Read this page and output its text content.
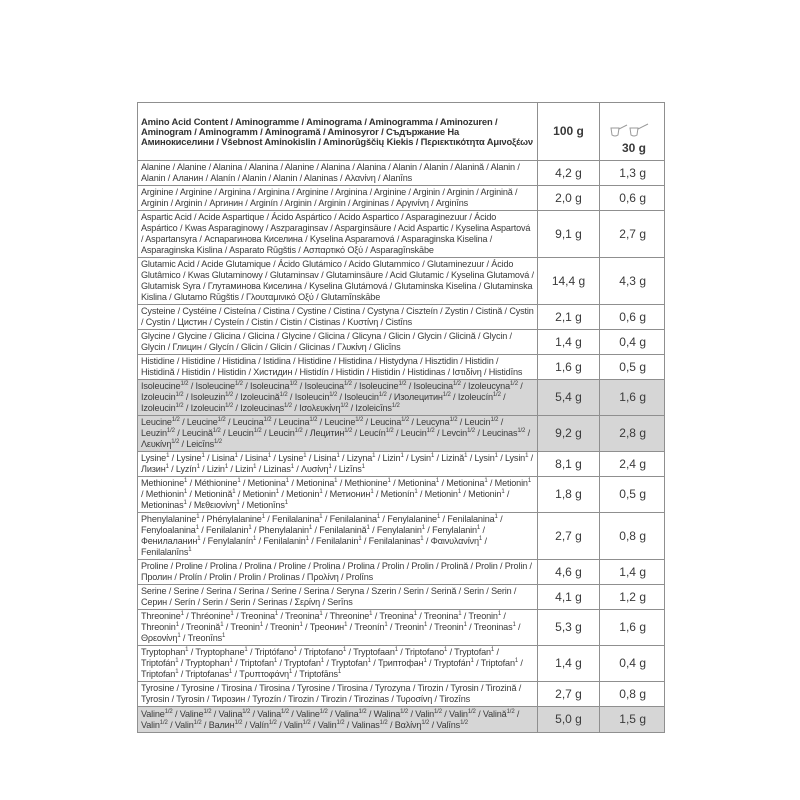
Amino Acid Content / Aminogramme / Aminograma / Aminogramma / Aminozuren / Aminogram / Aminogramm / Aminogramă / Aminosyror / Съдържание На Аминокиселини / Všebnost Aminokislin / Aminorūgščių Kiekis / Περιεκτικότητα Αμινοξέων	100 g	30 g
Alanine / Alanine / Alanina / Alanina / Alanine / Alanina / Alanina / Alanin / Alanin / Alanină / Alanin / Alanin / Аланин / Alanín / Alanin / Alanin / Alaninas / Αλανίνη / Alanīns	4,2 g	1,3 g
Arginine / Arginine / Arginina / Arginina / Arginine / Arginina / Arginine / Arginin / Arginin / Arginină / Arginin / Arginin / Аргинин / Arginín / Arginin / Arginin / Argininas / Αργινίνη / Arginīns	2,0 g	0,6 g
Aspartic Acid / Acide Aspartique / Ácido Aspártico / Acido Aspartico / Asparaginezuur / Ácido Aspártico / Kwas Asparaginowy / Aszparaginsav / Asparginsäure / Acid Aspartic / Kyselina Aspartová / Aspartansyra / Аспарагинова Киселина / Kyselina Asparamová / Asparaginska Kiselina / Asparaginska Kislina / Asparato Rūgštis / Ασπαρτικό Οξύ / Asparagīnskābe	9,1 g	2,7 g
Glutamic Acid / Acide Glutamique / Ácido Glutámico / Acido Glutammico / Glutaminezuur / Ácido Glutâmico / Kwas Glutaminowy / Glutaminsav / Glutaminsäure / Acid Glutamic / Kyselina Glutamová / Glutamisk Syra / Глутаминова Киселина / Kyselina Glutámová / Glutaminska Kiselina / Glutaminska Kislina / Glutamo Rūgštis / Γλουταμινικό Οξύ / Glutamīnskābe	14,4 g	4,3 g
Cysteine / Cystéine / Cisteína / Cistina / Cystine / Cistina / Cystyna / Ciszteín / Zystin / Cistină / Cystin / Cystin / Цистин / Cysteín / Cistin / Cistin / Cistinas / Κυστίνη / Cistīns	2,1 g	0,6 g
Glycine / Glycine / Glicina / Glicina / Glycine / Glicina / Glicyna / Glicin / Glycin / Glicină / Glycin / Glycin / Глицин / Glycín / Glicin / Glicin / Glicinas / Γλυκίνη / Glicīns	1,4 g	0,4 g
Histidine / Histidine / Histidina / Istidina / Histidine / Histidina / Histydyna / Hisztidin / Histidin / Histidină / Histidin / Histidin / Хистидин / Histidín / Histidin / Histidin / Histidinas / Ιστιδίνη / Histidīns	1,6 g	0,5 g
Isoleucine$^{1/2}$ / Isoleucine$^{1/2}$ / Isoleucina$^{1/2}$ / Isoleucina$^{1/2}$ / Isoleucine$^{1/2}$ / Isoleucina$^{1/2}$ / Izoleucyna$^{1/2}$ / Izoleucin$^{1/2}$ / Isoleuzin$^{1/2}$ / Izoleucină$^{1/2}$ / Isoleucin$^{1/2}$ / Isoleucin$^{1/2}$ / Изолецитин$^{1/2}$ / Izoleucín$^{1/2}$ / Izoleucin$^{1/2}$ / Izoleucin$^{1/2}$ / Izoleucinas$^{1/2}$ / Ισολευκίνη$^{1/2}$ / Izoleicīns$^{1/2}$	5,4 g	1,6 g
Leucine$^{1/2}$ / Leucine$^{1/2}$ / Leucina$^{1/2}$ / Leucina$^{1/2}$ / Leucine$^{1/2}$ / Leucina$^{1/2}$ / Leucyna$^{1/2}$ / Leucin$^{1/2}$ / Leuzin$^{1/2}$ / Leucină$^{1/2}$ / Leucin$^{1/2}$ / Leucin$^{1/2}$ / Лецитин$^{1/2}$ / Leucín$^{1/2}$ / Leucin$^{1/2}$ / Levcin$^{1/2}$ / Leucinas$^{1/2}$ / Λευκίνη$^{1/2}$ / Leicīns$^{1/2}$	9,2 g	2,8 g
Lysine$^1$ / Lysine$^1$ / Lisina$^1$ / Lisina$^1$ / Lysine$^1$ / Lisina$^1$ / Lizyna$^1$ / Lizin$^1$ / Lysin$^1$ / Lizină$^1$ / Lysin$^1$ / Lysin$^1$ / Лизин$^1$ / Lyzín$^1$ / Lizin$^1$ / Lizin$^1$ / Lizinas$^1$ / Λυσίνη$^1$ / Lizīns$^1$	8,1 g	2,4 g
Methionine$^1$ / Méthionine$^1$ / Metionina$^1$ / Metionina$^1$ / Methionine$^1$ / Metionina$^1$ / Metionina$^1$ / Metionin$^1$ / Methionin$^1$ / Metionină$^1$ / Metionin$^1$ / Metionin$^1$ / Метионин$^1$ / Metionín$^1$ / Metionin$^1$ / Metionin$^1$ / Metioninas$^1$ / Μεθειονίνη$^1$ / Metionīns$^1$	1,8 g	0,5 g
Phenylalanine$^1$ / Phénylalanine$^1$ / Fenilalanina$^1$ / Fenilalanina$^1$ / Fenylalanine$^1$ / Fenilalanina$^1$ / Fenyloalanina$^1$ / Fenilalanin$^1$ / Phenylalanin$^1$ / Fenilalanină$^1$ / Fenylalanin$^1$ / Fenylalanin$^1$ / Фенилаланин$^1$ / Fenylalanín$^1$ / Fenilalanin$^1$ / Fenilalanin$^1$ / Fenilalaninas$^1$ / Φαινυλανίνη$^1$ / Fenilalanīns$^1$	2,7 g	0,8 g
Proline / Proline / Prolina / Prolina / Proline / Prolina / Prolina / Prolin / Prolin / Prolină / Prolin / Prolin / Пролин / Prolín / Prolin / Prolin / Prolinas / Προλίνη / Prolīns	4,6 g	1,4 g
Serine / Serine / Serina / Serina / Serine / Serina / Seryna / Szerin / Serin / Serină / Serin / Serin / Серин / Serín / Serin / Serin / Serinas / Σερίνη / Serīns	4,1 g	1,2 g
Threonine$^1$ / Thréonine$^1$ / Treonina$^1$ / Treonina$^1$ / Threonine$^1$ / Treonina$^1$ / Treonina$^1$ / Treonin$^1$ / Threonin$^1$ / Treonină$^1$ / Treonin$^1$ / Treonin$^1$ / Треонин$^1$ / Treonín$^1$ / Treonin$^1$ / Treonin$^1$ / Treoninas$^1$ / Θρεονίνη$^1$ / Treonīns$^1$	5,3 g	1,6 g
Tryptophan$^1$ / Tryptophane$^1$ / Triptófano$^1$ / Triptofano$^1$ / Tryptofaan$^1$ / Triptofano$^1$ / Tryptofan$^1$ / Triptofán$^1$ / Tryptophan$^1$ / Triptofan$^1$ / Tryptofan$^1$ / Tryptofan$^1$ / Триптофан$^1$ / Tryptofán$^1$ / Triptofan$^1$ / Triptofan$^1$ / Triptofanas$^1$ / Τρυπτοφάνη$^1$ / Triptofāns$^1$	1,4 g	0,4 g
Tyrosine / Tyrosine / Tirosina / Tirosina / Tyrosine / Tirosina / Tyrozyna / Tirozin / Tyrosin / Tirozină / Tyrosin / Tyrosin / Тирозин / Tyrozín / Tirozin / Tirozin / Tirozinas / Τυροσίνη / Tirozīns	2,7 g	0,8 g
Valine$^{1/2}$ / Valine$^{1/2}$ / Valina$^{1/2}$ / Valina$^{1/2}$ / Valine$^{1/2}$ / Valina$^{1/2}$ / Walina$^{1/2}$ / Valin$^{1/2}$ / Valin$^{1/2}$ / Valină$^{1/2}$ / Valin$^{1/2}$ / Valin$^{1/2}$ / Валин$^{1/2}$ / Valín$^{1/2}$ / Valin$^{1/2}$ / Valin$^{1/2}$ / Valinas$^{1/2}$ / Βαλίνη$^{1/2}$ / Valīns$^{1/2}$	5,0 g	1,5 g
